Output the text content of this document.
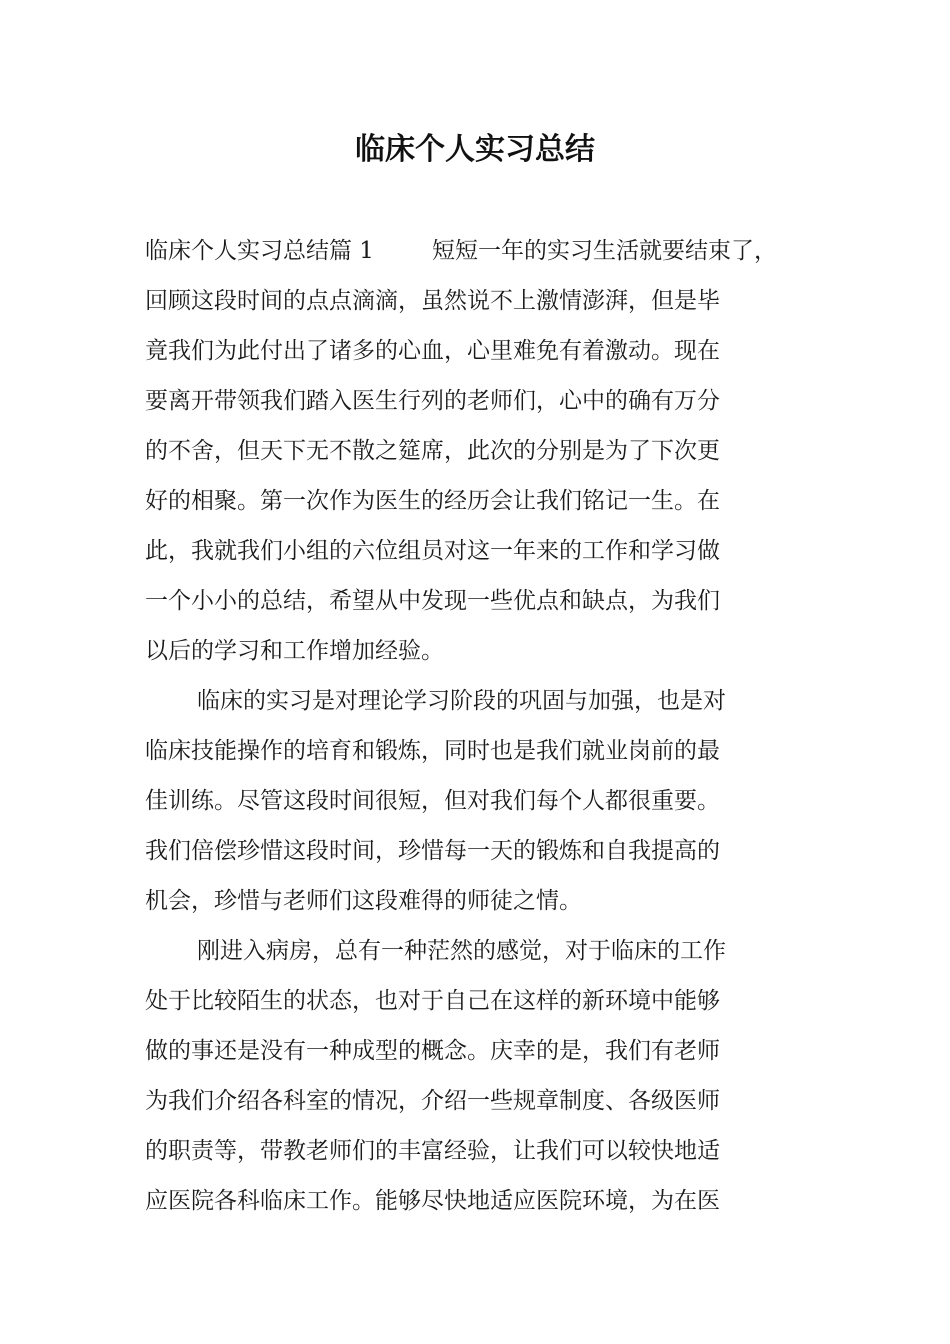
临床个人实习总结
临床个人实习总结篇 1	短短一年的实习生活就要结束了，
回顾这段时间的点点滴滴，虽然说不上激情澎湃，但是毕
竟我们为此付出了诸多的心血，心里难免有着激动。现在
要离开带领我们踏入医生行列的老师们，心中的确有万分
的不舍，但天下无不散之筵席，此次的分别是为了下次更
好的相聚。第一次作为医生的经历会让我们铭记一生。在
此，我就我们小组的六位组员对这一年来的工作和学习做
一个小小的总结，希望从中发现一些优点和缺点，为我们
以后的学习和工作增加经验。
临床的实习是对理论学习阶段的巩固与加强，也是对
临床技能操作的培育和锻炼，同时也是我们就业岗前的最
佳训练。尽管这段时间很短，但对我们每个人都很重要。
我们倍偿珍惜这段时间，珍惜每一天的锻炼和自我提高的
机会，珍惜与老师们这段难得的师徒之情。
刚进入病房，总有一种茫然的感觉，对于临床的工作
处于比较陌生的状态，也对于自己在这样的新环境中能够
做的事还是没有一种成型的概念。庆幸的是，我们有老师
为我们介绍各科室的情况，介绍一些规章制度、各级医师
的职责等，带教老师们的丰富经验，让我们可以较快地适
应医院各科临床工作。能够尽快地适应医院环境，为在医
